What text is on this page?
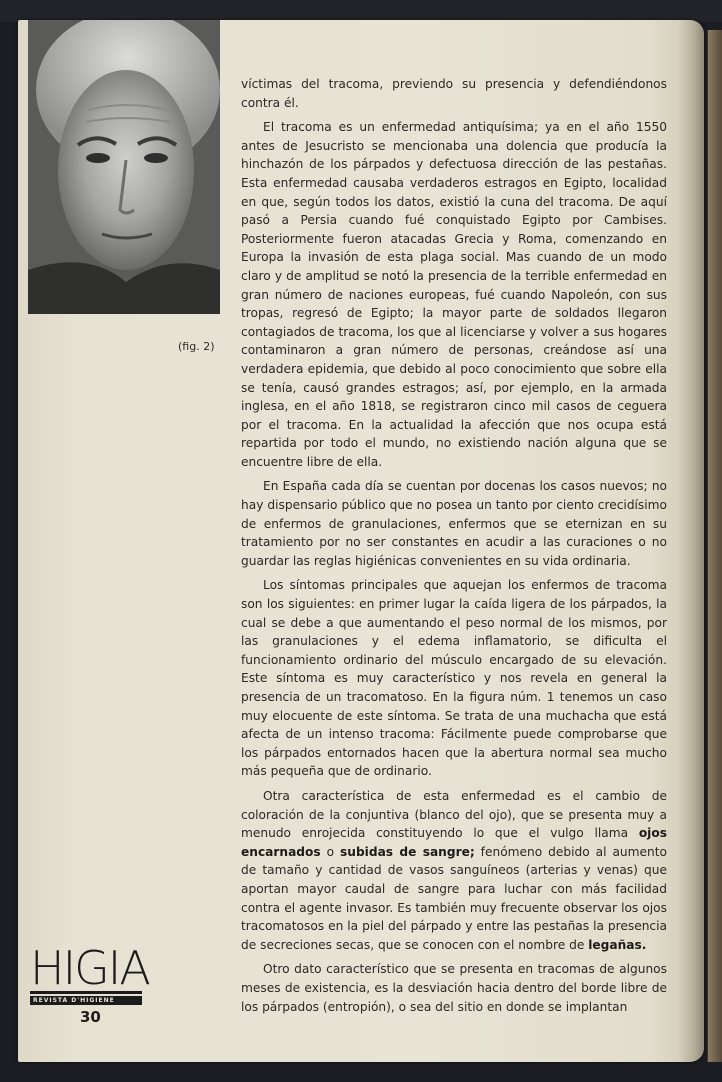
(fig. 2)

víctimas del tracoma, previendo su presencia y defendiéndonos contra él.

El tracoma es un enfermedad antiquísima; ya en el año 1550 antes de Jesucristo se mencionaba una dolencia que producía la hinchazón de los párpados y defectuosa dirección de las pestañas. Esta enfermedad causaba verdaderos estragos en Egipto, localidad en que, según todos los datos, existió la cuna del tracoma. De aquí pasó a Persia cuando fué conquistado Egipto por Cambises. Posteriormente fueron atacadas Grecia y Roma, comenzando en Europa la invasión de esta plaga social. Mas cuando de un modo claro y de amplitud se notó la presencia de la terrible enfermedad en gran número de naciones europeas, fué cuando Napoleón, con sus tropas, regresó de Egipto; la mayor parte de soldados llegaron contagiados de tracoma, los que al licenciarse y volver a sus hogares contaminaron a gran número de personas, creándose así una verdadera epidemia, que debido al poco conocimiento que sobre ella se tenía, causó grandes estragos; así, por ejemplo, en la armada inglesa, en el año 1818, se registraron cinco mil casos de ceguera por el tracoma. En la actualidad la afección que nos ocupa está repartida por todo el mundo, no existiendo nación alguna que se encuentre libre de ella.

En España cada día se cuentan por docenas los casos nuevos; no hay dispensario público que no posea un tanto por ciento crecidísimo de enfermos de granulaciones, enfermos que se eternizan en su tratamiento por no ser constantes en acudir a las curaciones o no guardar las reglas higiénicas convenientes en su vida ordinaria.

Los síntomas principales que aquejan los enfermos de tracoma son los siguientes: en primer lugar la caída ligera de los párpados, la cual se debe a que aumentando el peso normal de los mismos, por las granulaciones y el edema inflamatorio, se dificulta el funcionamiento ordinario del músculo encargado de su elevación. Este síntoma es muy característico y nos revela en general la presencia de un tracomatoso. En la figura núm. 1 tenemos un caso muy elocuente de este síntoma. Se trata de una muchacha que está afecta de un intenso tracoma: Fácilmente puede comprobarse que los párpados entornados hacen que la abertura normal sea mucho más pequeña que de ordinario.

Otra característica de esta enfermedad es el cambio de coloración de la conjuntiva (blanco del ojo), que se presenta muy a menudo enrojecida constituyendo lo que el vulgo llama ojos encarnados o subidas de sangre; fenómeno debido al aumento de tamaño y cantidad de vasos sanguíneos (arterias y venas) que aportan mayor caudal de sangre para luchar con más facilidad contra el agente invasor. Es también muy frecuente observar los ojos tracomatosos en la piel del párpado y entre las pestañas la presencia de secreciones secas, que se conocen con el nombre de legañas.

Otro dato característico que se presenta en tracomas de algunos meses de existencia, es la desviación hacia dentro del borde libre de los párpados (entropión), o sea del sitio en donde se implantan

HIGIA
REVISTA D'HIGIENE
30
